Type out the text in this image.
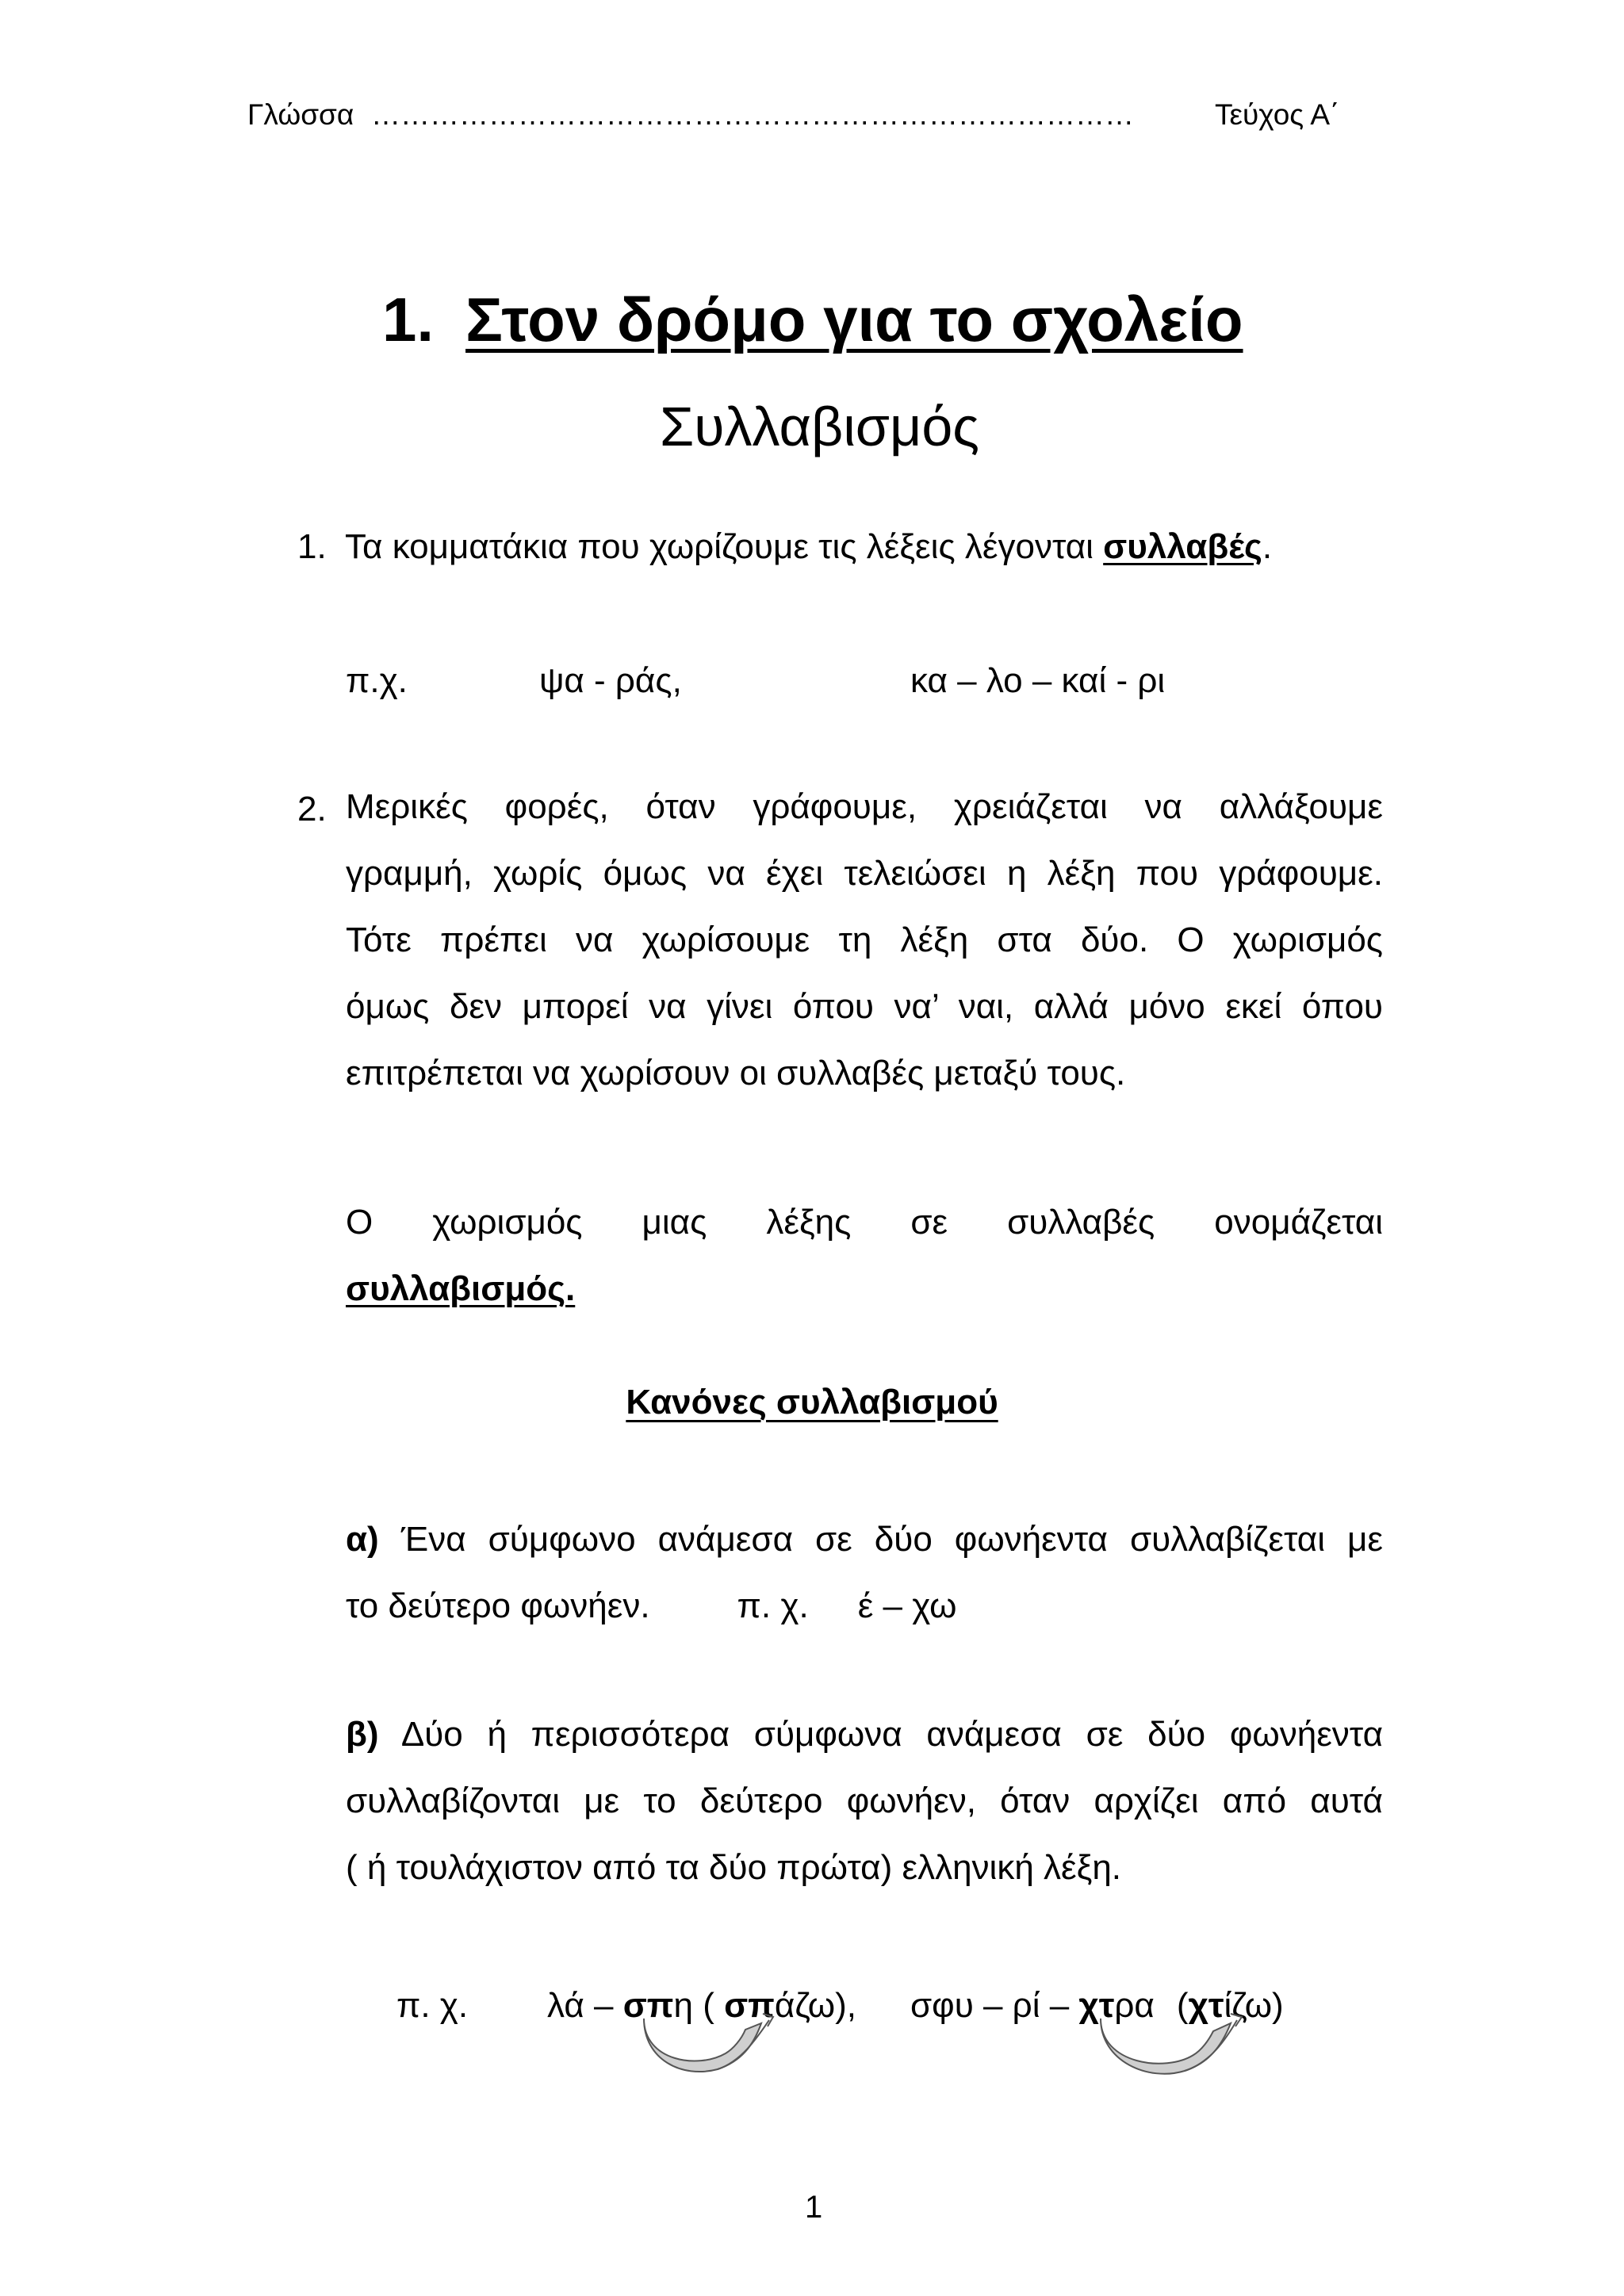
Γλώσσα ……………………………………………………………………	Τεύχος Α΄
1. Στον δρόμο για το σχολείο
Συλλαβισμός
1. Τα κομματάκια που χωρίζουμε τις λέξεις λέγονται συλλαβές.
π.χ.	ψα - ράς,	κα – λο – καί - ρι
2. Μερικές φορές, όταν γράφουμε, χρειάζεται να αλλάξουμε

γραμμή, χωρίς όμως να έχει τελειώσει η λέξη που γράφουμε.

Τότε πρέπει να χωρίσουμε τη λέξη στα δύο. Ο χωρισμός

όμως δεν μπορεί να γίνει όπου να’ ναι, αλλά μόνο εκεί όπου

επιτρέπεται να χωρίσουν οι συλλαβές μεταξύ τους.

Ο χωρισμός μιας λέξης σε συλλαβές ονομάζεται

συλλαβισμός.

Κανόνες συλλαβισμού

α) Ένα σύμφωνο ανάμεσα σε δύο φωνήεντα συλλαβίζεται με

το δεύτερο φωνήεν.	π. χ. έ – χω

β) Δύο ή περισσότερα σύμφωνα ανάμεσα σε δύο φωνήεντα

συλλαβίζονται με το δεύτερο φωνήεν, όταν αρχίζει από αυτά

( ή τουλάχιστον από τα δύο πρώτα) ελληνική λέξη.

π. χ. λά – σπη ( σπάζω), σφυ – ρί – χτρα (χτίζω)
1
